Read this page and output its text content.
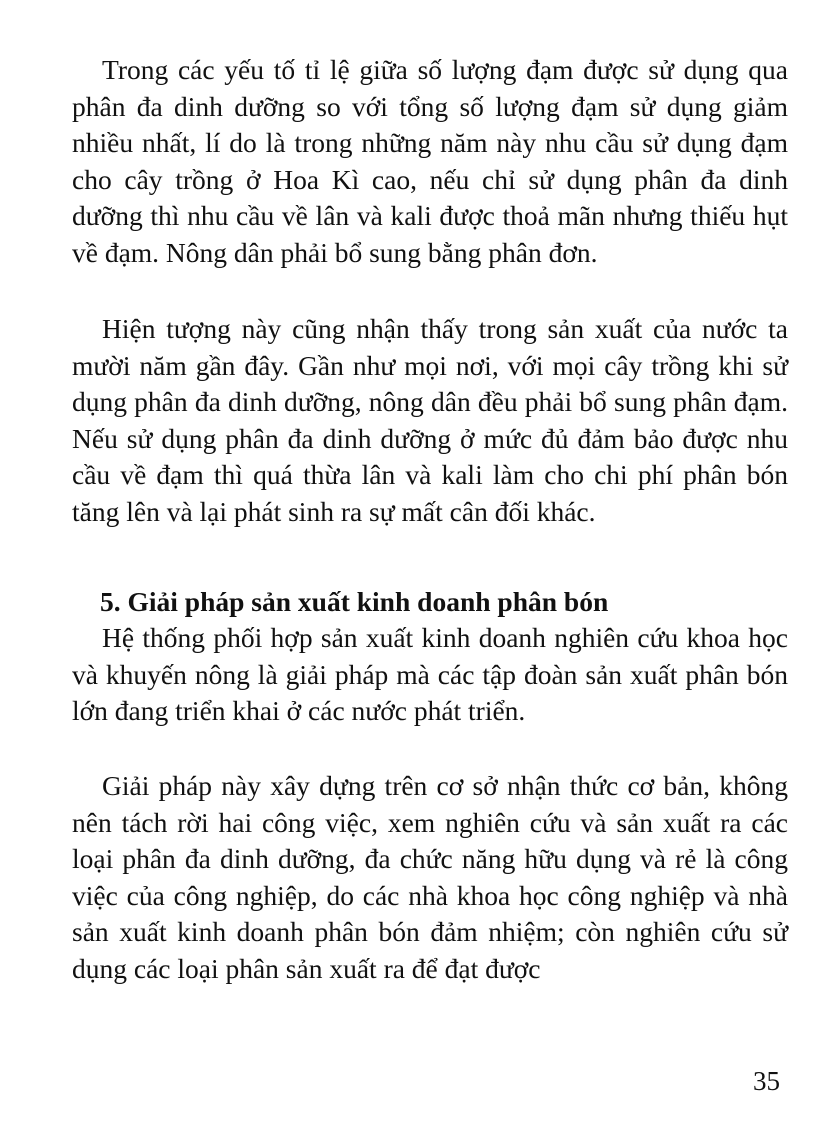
Trong các yếu tố tỉ lệ giữa số lượng đạm được sử dụng qua phân đa dinh dưỡng so với tổng số lượng đạm sử dụng giảm nhiều nhất, lí do là trong những năm này nhu cầu sử dụng đạm cho cây trồng ở Hoa Kì cao, nếu chỉ sử dụng phân đa dinh dưỡng thì nhu cầu về lân và kali được thoả mãn nhưng thiếu hụt về đạm. Nông dân phải bổ sung bằng phân đơn.

Hiện tượng này cũng nhận thấy trong sản xuất của nước ta mười năm gần đây. Gần như mọi nơi, với mọi cây trồng khi sử dụng phân đa dinh dưỡng, nông dân đều phải bổ sung phân đạm. Nếu sử dụng phân đa dinh dưỡng ở mức đủ đảm bảo được nhu cầu về đạm thì quá thừa lân và kali làm cho chi phí phân bón tăng lên và lại phát sinh ra sự mất cân đối khác.

5. Giải pháp sản xuất kinh doanh phân bón

Hệ thống phối hợp sản xuất kinh doanh nghiên cứu khoa học và khuyến nông là giải pháp mà các tập đoàn sản xuất phân bón lớn đang triển khai ở các nước phát triển.

Giải pháp này xây dựng trên cơ sở nhận thức cơ bản, không nên tách rời hai công việc, xem nghiên cứu và sản xuất ra các loại phân đa dinh dưỡng, đa chức năng hữu dụng và rẻ là công việc của công nghiệp, do các nhà khoa học công nghiệp và nhà sản xuất kinh doanh phân bón đảm nhiệm; còn nghiên cứu sử dụng các loại phân sản xuất ra để đạt được

35
